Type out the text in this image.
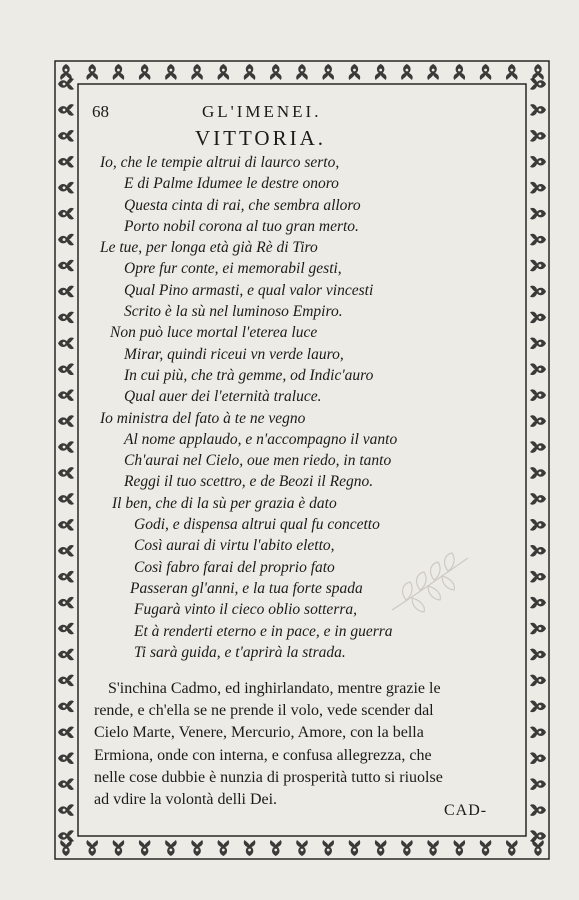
68	GL'IMENEI.
VITTORIA.
Io, che le tempie altrui di laurco serto,
E di Palme Idumee le destre onoro
Questa cinta di rai, che sembra alloro
Porto nobil corona al tuo gran merto.
Le tue, per longa età già Rè di Tiro
Opre fur conte, ei memorabil gesti,
Qual Pino armasti, e qual valor vincesti
Scrito è la sù nel luminoso Empiro.
Non può luce mortal l'eterea luce
Mirar, quindi riceui vn verde lauro,
In cui più, che trà gemme, od Indic'auro
Qual auer dei l'eternità traluce.
Io ministra del fato à te ne vegno
Al nome applaudo, e n'accompagno il vanto
Ch'aurai nel Cielo, oue men riedo, in tanto
Reggi il tuo scettro, e de Beozi il Regno.
Il ben, che di la sù per grazia è dato
Godi, e dispensa altrui qual fu concetto
Così aurai di virtu l'abito eletto,
Così fabro farai del proprio fato
Passeran gl'anni, e la tua forte spada
Fugarà vinto il cieco oblio sotterra,
Et à renderti eterno e in pace, e in guerra
Ti sarà guida, e t'aprirà la strada.
S'inchina Cadmo, ed inghirlandato, mentre grazie le
rende, e ch'ella se ne prende il volo, vede scender dal
Cielo Marte, Venere, Mercurio, Amore, con la bella
Ermiona, onde con interna, e confusa allegrezza, che
nelle cose dubbie è nunzia di prosperità tutto si riuolse
ad vdire la volontà delli Dei.
CAD-
